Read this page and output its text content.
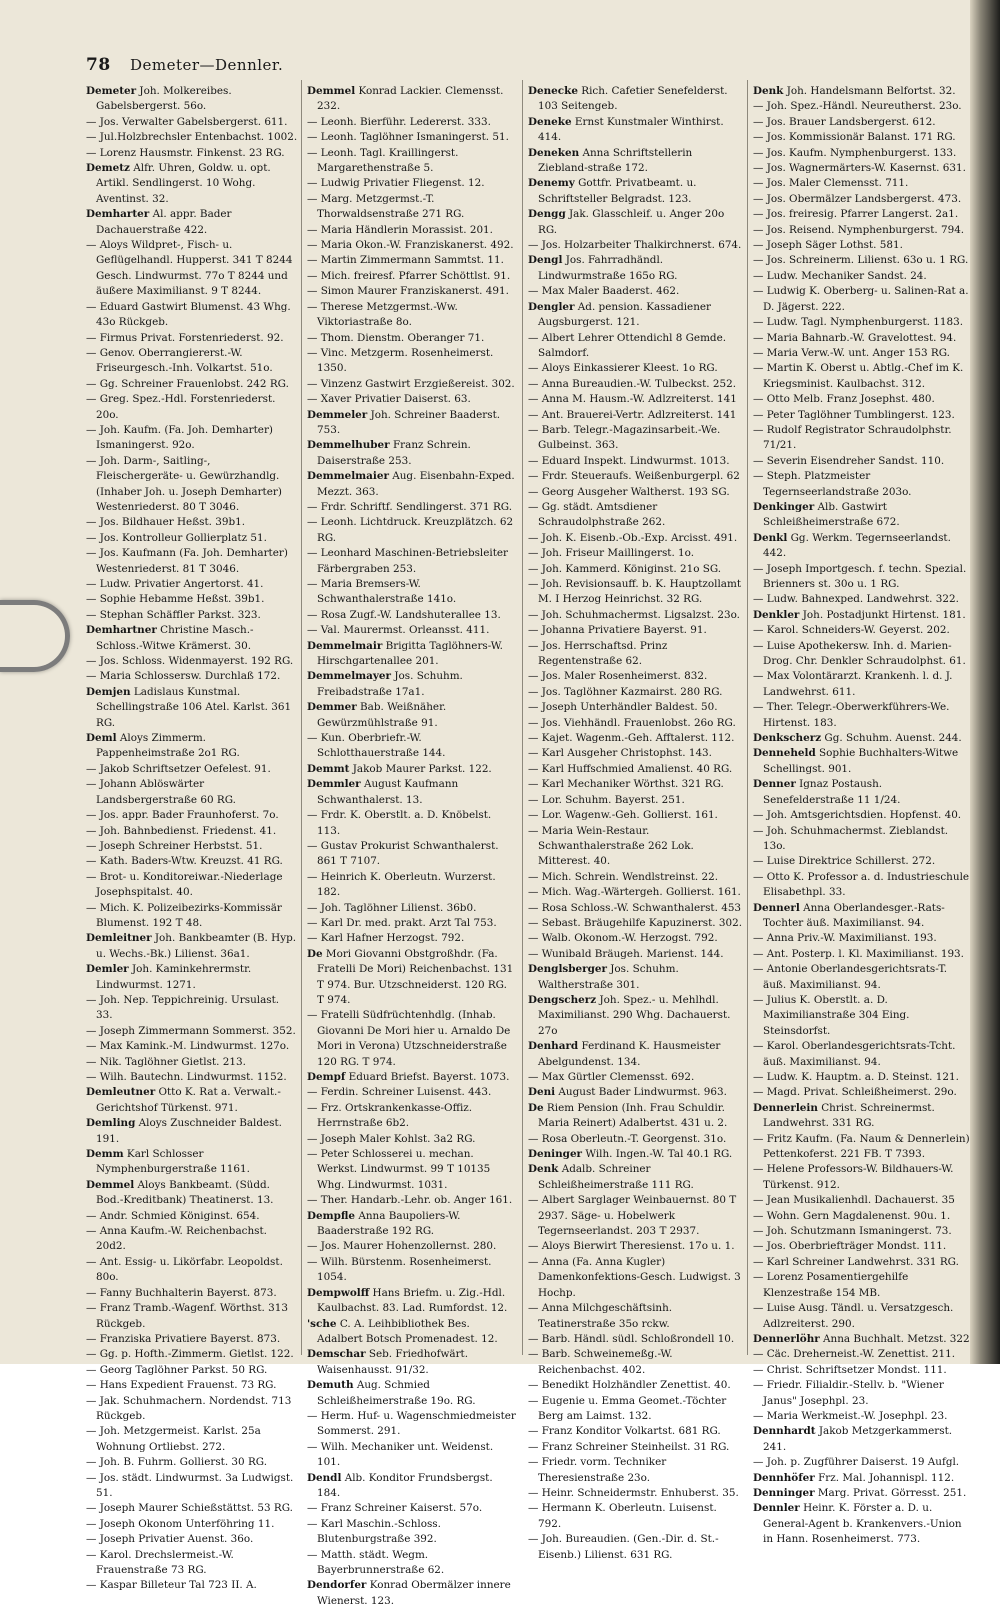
78 Demeter—Dennler.

Demeter Joh. Molkereibes. Gabelsbergerst. 56o.

— Jos. Verwalter Gabelsbergerst. 611.

— Jul.Holzbrechsler Entenbachst. 1002.

— Lorenz Hausmstr. Finkenst. 23 RG.

Demetz Alfr. Uhren, Goldw. u. opt. Artikl. Sendlingerst. 10 Wohg. Aventinst. 32.

Demharter Al. appr. Bader Dachauerstraße 422.

— Aloys Wildpret-, Fisch- u. Geflügelhandl. Hupperst. 341 T 8244 Gesch. Lindwurmst. 77o T 8244 und äußere Maximilianst. 9 T 8244.

— Eduard Gastwirt Blumenst. 43 Whg. 43o Rückgeb.

— Firmus Privat. Forstenriederst. 92.

— Genov. Oberrangiererst.-W. Friseurgesch.-Inh. Volkartst. 51o.

— Gg. Schreiner Frauenlobst. 242 RG.

— Greg. Spez.-Hdl. Forstenriederst. 20o.

— Joh. Kaufm. (Fa. Joh. Demharter) Ismaningerst. 92o.

— Joh. Darm-, Saitling-, Fleischergeräte- u. Gewürzhandlg. (Inhaber Joh. u. Joseph Demharter) Westenriederst. 80 T 3046.

— Jos. Bildhauer Heßst. 39b1.

— Jos. Kontrolleur Gollierplatz 51.

— Jos. Kaufmann (Fa. Joh. Demharter) Westenriederst. 81 T 3046.

— Ludw. Privatier Angertorst. 41.

— Sophie Hebamme Heßst. 39b1.

— Stephan Schäffler Parkst. 323.

Demhartner Christine Masch.-Schloss.-Witwe Krämerst. 30.

— Jos. Schloss. Widenmayerst. 192 RG.

— Maria Schlossersw. Durchlaß 172.

Demjen Ladislaus Kunstmal. Schellingstraße 106 Atel. Karlst. 361 RG.

Deml Aloys Zimmerm. Pappenheimstraße 2o1 RG.

— Jakob Schriftsetzer Oefelest. 91.

— Johann Ablöswärter Landsbergerstraße 60 RG.

— Jos. appr. Bader Fraunhoferst. 7o.

— Joh. Bahnbedienst. Friedenst. 41.

— Joseph Schreiner Herbstst. 51.

— Kath. Baders-Wtw. Kreuzst. 41 RG.

— Brot- u. Konditoreiwar.-Niederlage Josephspitalst. 40.

— Mich. K. Polizeibezirks-Kommissär Blumenst. 192 T 48.

Demleitner Joh. Bankbeamter (B. Hyp. u. Wechs.-Bk.) Lilienst. 36a1.

Demler Joh. Kaminkehrermstr. Lindwurmst. 1271.

— Joh. Nep. Teppichreinig. Ursulast. 33.

— Joseph Zimmermann Sommerst. 352.

— Max Kamink.-M. Lindwurmst. 127o.

— Nik. Taglöhner Gietlst. 213.

— Wilh. Bautechn. Lindwurmst. 1152.

Demleutner Otto K. Rat a. Verwalt.-Gerichtshof Türkenst. 971.

Demling Aloys Zuschneider Baldest. 191.

Demm Karl Schlosser Nymphenburgerstraße 1161.

Demmel Aloys Bankbeamt. (Südd. Bod.-Kreditbank) Theatinerst. 13.

— Andr. Schmied Königinst. 654.

— Anna Kaufm.-W. Reichenbachst. 20d2.

— Ant. Essig- u. Likörfabr. Leopoldst. 80o.

— Fanny Buchhalterin Bayerst. 873.

— Franz Tramb.-Wagenf. Wörthst. 313 Rückgeb.

— Franziska Privatiere Bayerst. 873.

— Gg. p. Hofth.-Zimmerm. Gietlst. 122.

— Georg Taglöhner Parkst. 50 RG.

— Hans Expedient Frauenst. 73 RG.

— Jak. Schuhmachern. Nordendst. 713 Rückgeb.

— Joh. Metzgermeist. Karlst. 25a Wohnung Ortliebst. 272.

— Joh. B. Fuhrm. Gollierst. 30 RG.

— Jos. städt. Lindwurmst. 3a Ludwigst. 51.

— Joseph Maurer Schießstättst. 53 RG.

— Joseph Okonom Unterföhring 11.

— Joseph Privatier Auenst. 36o.

— Karol. Drechslermeist.-W. Frauenstraße 73 RG.

— Kaspar Billeteur Tal 723 II. A.

Demmel Konrad Lackier. Clemensst. 232.

— Leonh. Bierführ. Ledererst. 333.

— Leonh. Taglöhner Ismaningerst. 51.

— Leonh. Tagl. Kraillingerst. Margarethenstraße 5.

— Ludwig Privatier Fliegenst. 12.

— Marg. Metzgermst.-T. Thorwaldsenstraße 271 RG.

— Maria Händlerin Morassist. 201.

— Maria Okon.-W. Franziskanerst. 492.

— Martin Zimmermann Sammtst. 11.

— Mich. freiresf. Pfarrer Schöttlst. 91.

— Simon Maurer Franziskanerst. 491.

— Therese Metzgermst.-Ww. Viktoriastraße 8o.

— Thom. Dienstm. Oberanger 71.

— Vinc. Metzgerm. Rosenheimerst. 1350.

— Vinzenz Gastwirt Erzgießereist. 302.

— Xaver Privatier Daiserst. 63.

Demmeler Joh. Schreiner Baaderst. 753.

Demmelhuber Franz Schrein. Daiserstraße 253.

Demmelmaier Aug. Eisenbahn-Exped. Mezzt. 363.

— Frdr. Schriftf. Sendlingerst. 371 RG.

— Leonh. Lichtdruck. Kreuzplätzch. 62 RG.

— Leonhard Maschinen-Betriebsleiter Färbergraben 253.

— Maria Bremsers-W. Schwanthalerstraße 141o.

— Rosa Zugf.-W. Landshuterallee 13.

— Val. Maurermst. Orleansst. 411.

Demmelmair Brigitta Taglöhners-W. Hirschgartenallee 201.

Demmelmayer Jos. Schuhm. Freibadstraße 17a1.

Demmer Bab. Weißnäher. Gewürzmühlstraße 91.

— Kun. Oberbriefr.-W. Schlotthauerstraße 144.

Demmt Jakob Maurer Parkst. 122.

Demmler August Kaufmann Schwanthalerst. 13.

— Frdr. K. Oberstlt. a. D. Knöbelst. 113.

— Gustav Prokurist Schwanthalerst. 861 T 7107.

— Heinrich K. Oberleutn. Wurzerst. 182.

— Joh. Taglöhner Lilienst. 36b0.

— Karl Dr. med. prakt. Arzt Tal 753.

— Karl Hafner Herzogst. 792.

De Mori Giovanni Obstgroßhdr. (Fa. Fratelli De Mori) Reichenbachst. 131 T 974. Bur. Utzschneiderst. 120 RG. T 974.

— Fratelli Südfrüchtenhdlg. (Inhab. Giovanni De Mori hier u. Arnaldo De Mori in Verona) Utzschneiderstraße 120 RG. T 974.

Dempf Eduard Briefst. Bayerst. 1073.

— Ferdin. Schreiner Luisenst. 443.

— Frz. Ortskrankenkasse-Offiz. Herrnstraße 6b2.

— Joseph Maler Kohlst. 3a2 RG.

— Peter Schlosserei u. mechan. Werkst. Lindwurmst. 99 T 10135 Whg. Lindwurmst. 1031.

— Ther. Handarb.-Lehr. ob. Anger 161.

Dempfle Anna Baupoliers-W. Baaderstraße 192 RG.

— Jos. Maurer Hohenzollernst. 280.

— Wilh. Bürstenm. Rosenheimerst. 1054.

Dempwolff Hans Briefm. u. Zig.-Hdl. Kaulbachst. 83. Lad. Rumfordst. 12.

'sche C. A. Leihbibliothek Bes. Adalbert Botsch Promenadest. 12.

Demschar Seb. Friedhofwärt. Waisenhausst. 91/32.

Demuth Aug. Schmied Schleißheimerstraße 19o. RG.

— Herm. Huf- u. Wagenschmiedmeister Sommerst. 291.

— Wilh. Mechaniker unt. Weidenst. 101.

Dendl Alb. Konditor Frundsbergst. 184.

— Franz Schreiner Kaiserst. 57o.

— Karl Maschin.-Schloss. Blutenburgstraße 392.

— Matth. städt. Wegm. Bayerbrunnerstraße 62.

Dendorfer Konrad Obermälzer innere Wienerst. 123.

Denecke Rich. Cafetier Senefelderst. 103 Seitengeb.

Deneke Ernst Kunstmaler Winthirst. 414.

Deneken Anna Schriftstellerin Ziebland-straße 172.

Denemy Gottfr. Privatbeamt. u. Schriftsteller Belgradst. 123.

Dengg Jak. Glasschleif. u. Anger 20o RG.

— Jos. Holzarbeiter Thalkirchnerst. 674.

Dengl Jos. Fahrradhändl. Lindwurmstraße 165o RG.

— Max Maler Baaderst. 462.

Dengler Ad. pension. Kassadiener Augsburgerst. 121.

— Albert Lehrer Ottendichl 8 Gemde. Salmdorf.

— Aloys Einkassierer Kleest. 1o RG.

— Anna Bureaudien.-W. Tulbeckst. 252.

— Anna M. Hausm.-W. Adlzreiterst. 141

— Ant. Brauerei-Vertr. Adlzreiterst. 141

— Barb. Telegr.-Magazinsarbeit.-We. Gulbeinst. 363.

— Eduard Inspekt. Lindwurmst. 1013.

— Frdr. Steueraufs. Weißenburgerpl. 62

— Georg Ausgeher Waltherst. 193 SG.

— Gg. städt. Amtsdiener Schraudolphstraße 262.

— Joh. K. Eisenb.-Ob.-Exp. Arcisst. 491.

— Joh. Friseur Maillingerst. 1o.

— Joh. Kammerd. Königinst. 21o SG.

— Joh. Revisionsauff. b. K. Hauptzollamt M. I Herzog Heinrichst. 32 RG.

— Joh. Schuhmachermst. Ligsalzst. 23o.

— Johanna Privatiere Bayerst. 91.

— Jos. Herrschaftsd. Prinz Regentenstraße 62.

— Jos. Maler Rosenheimerst. 832.

— Jos. Taglöhner Kazmairst. 280 RG.

— Joseph Unterhändler Baldest. 50.

— Jos. Viehhändl. Frauenlobst. 26o RG.

— Kajet. Wagenm.-Geh. Afftalerst. 112.

— Karl Ausgeher Christophst. 143.

— Karl Huffschmied Amalienst. 40 RG.

— Karl Mechaniker Wörthst. 321 RG.

— Lor. Schuhm. Bayerst. 251.

— Lor. Wagenw.-Geh. Gollierst. 161.

— Maria Wein-Restaur. Schwanthalerstraße 262 Lok. Mitterest. 40.

— Mich. Schrein. Wendlstreinst. 22.

— Mich. Wag.-Wärtergeh. Gollierst. 161.

— Rosa Schloss.-W. Schwanthalerst. 453

— Sebast. Bräugehilfe Kapuzinerst. 302.

— Walb. Okonom.-W. Herzogst. 792.

— Wunibald Bräugeh. Marienst. 144.

Denglsberger Jos. Schuhm. Waltherstraße 301.

Dengscherz Joh. Spez.- u. Mehlhdl. Maximilianst. 290 Whg. Dachauerst. 27o

Denhard Ferdinand K. Hausmeister Abelgundenst. 134.

— Max Gürtler Clemensst. 692.

Deni August Bader Lindwurmst. 963.

De Riem Pension (Inh. Frau Schuldir. Maria Reinert) Adalbertst. 431 u. 2.

— Rosa Oberleutn.-T. Georgenst. 31o.

Deninger Wilh. Ingen.-W. Tal 40.1 RG.

Denk Adalb. Schreiner Schleißheimerstraße 111 RG.

— Albert Sarglager Weinbauernst. 80 T 2937. Säge- u. Hobelwerk Tegernseerlandst. 203 T 2937.

— Aloys Bierwirt Theresienst. 17o u. 1.

— Anna (Fa. Anna Kugler) Damenkonfektions-Gesch. Ludwigst. 3 Hochp.

— Anna Milchgeschäftsinh. Teatinerstraße 35o rckw.

— Barb. Händl. südl. Schloßrondell 10.

— Barb. Schweinemeßg.-W. Reichenbachst. 402.

— Benedikt Holzhändler Zenettist. 40.

— Eugenie u. Emma Geomet.-Töchter Berg am Laimst. 132.

— Franz Konditor Volkartst. 681 RG.

— Franz Schreiner Steinheilst. 31 RG.

— Friedr. vorm. Techniker Theresienstraße 23o.

— Heinr. Schneidermstr. Enhuberst. 35.

— Hermann K. Oberleutn. Luisenst. 792.

— Joh. Bureaudien. (Gen.-Dir. d. St.-Eisenb.) Lilienst. 631 RG.

Denk Joh. Handelsmann Belfortst. 32.

— Joh. Spez.-Händl. Neureutherst. 23o.

— Jos. Brauer Landsbergerst. 612.

— Jos. Kommissionär Balanst. 171 RG.

— Jos. Kaufm. Nymphenburgerst. 133.

— Jos. Wagnermärters-W. Kasernst. 631.

— Jos. Maler Clemensst. 711.

— Jos. Obermälzer Landsbergerst. 473.

— Jos. freiresig. Pfarrer Langerst. 2a1.

— Jos. Reisend. Nymphenburgerst. 794.

— Joseph Säger Lothst. 581.

— Jos. Schreinerm. Lilienst. 63o u. 1 RG.

— Ludw. Mechaniker Sandst. 24.

— Ludwig K. Oberberg- u. Salinen-Rat a. D. Jägerst. 222.

— Ludw. Tagl. Nymphenburgerst. 1183.

— Maria Bahnarb.-W. Gravelottest. 94.

— Maria Verw.-W. unt. Anger 153 RG.

— Martin K. Oberst u. Abtlg.-Chef im K. Kriegsminist. Kaulbachst. 312.

— Otto Melb. Franz Josephst. 480.

— Peter Taglöhner Tumblingerst. 123.

— Rudolf Registrator Schraudolphstr. 71/21.

— Severin Eisendreher Sandst. 110.

— Steph. Platzmeister Tegernseerlandstraße 203o.

Denkinger Alb. Gastwirt Schleißheimerstraße 672.

Denkl Gg. Werkm. Tegernseerlandst. 442.

— Joseph Importgesch. f. techn. Spezial. Brienners st. 30o u. 1 RG.

— Ludw. Bahnexped. Landwehrst. 322.

Denkler Joh. Postadjunkt Hirtenst. 181.

— Karol. Schneiders-W. Geyerst. 202.

— Luise Apothekersw. Inh. d. Marien-Drog. Chr. Denkler Schraudolphst. 61.

— Max Volontärarzt. Krankenh. l. d. J. Landwehrst. 611.

— Ther. Telegr.-Oberwerkführers-We. Hirtenst. 183.

Denkscherz Gg. Schuhm. Auenst. 244.

Denneheld Sophie Buchhalters-Witwe Schellingst. 901.

Denner Ignaz Postaush. Senefelderstraße 11 1/24.

— Joh. Amtsgerichtsdien. Hopfenst. 40.

— Joh. Schuhmachermst. Zieblandst. 13o.

— Luise Direktrice Schillerst. 272.

— Otto K. Professor a. d. Industrieschule Elisabethpl. 33.

Dennerl Anna Oberlandesger.-Rats-Tochter äuß. Maximilianst. 94.

— Anna Priv.-W. Maximilianst. 193.

— Ant. Posterp. l. Kl. Maximilianst. 193.

— Antonie Oberlandesgerichtsrats-T. äuß. Maximilianst. 94.

— Julius K. Oberstlt. a. D. Maximilianstraße 304 Eing. Steinsdorfst.

— Karol. Oberlandesgerichtsrats-Tcht. äuß. Maximilianst. 94.

— Ludw. K. Hauptm. a. D. Steinst. 121.

— Magd. Privat. Schleißheimerst. 29o.

Dennerlein Christ. Schreinermst. Landwehrst. 331 RG.

— Fritz Kaufm. (Fa. Naum & Dennerlein) Pettenkoferst. 221 FB. T 7393.

— Helene Professors-W. Bildhauers-W. Türkenst. 912.

— Jean Musikalienhdl. Dachauerst. 35

— Wohn. Gern Magdalenenst. 90u. 1.

— Joh. Schutzmann Ismaningerst. 73.

— Jos. Oberbriefträger Mondst. 111.

— Karl Schreiner Landwehrst. 331 RG.

— Lorenz Posamentiergehilfe Klenzestraße 154 MB.

— Luise Ausg. Tändl. u. Versatzgesch. Adlzreiterst. 290.

Dennerlöhr Anna Buchhalt. Metzst. 322

— Cäc. Dreherneist.-W. Zenettist. 211.

— Christ. Schriftsetzer Mondst. 111.

— Friedr. Filialdir.-Stellv. b. "Wiener Janus" Josephpl. 23.

— Maria Werkmeist.-W. Josephpl. 23.

Dennhardt Jakob Metzgerkammerst. 241.

— Joh. p. Zugführer Daiserst. 19 Aufgl.

Dennhöfer Frz. Mal. Johannispl. 112.

Denninger Marg. Privat. Görresst. 251.

Dennler Heinr. K. Förster a. D. u. General-Agent b. Krankenvers.-Union in Hann. Rosenheimerst. 773.
